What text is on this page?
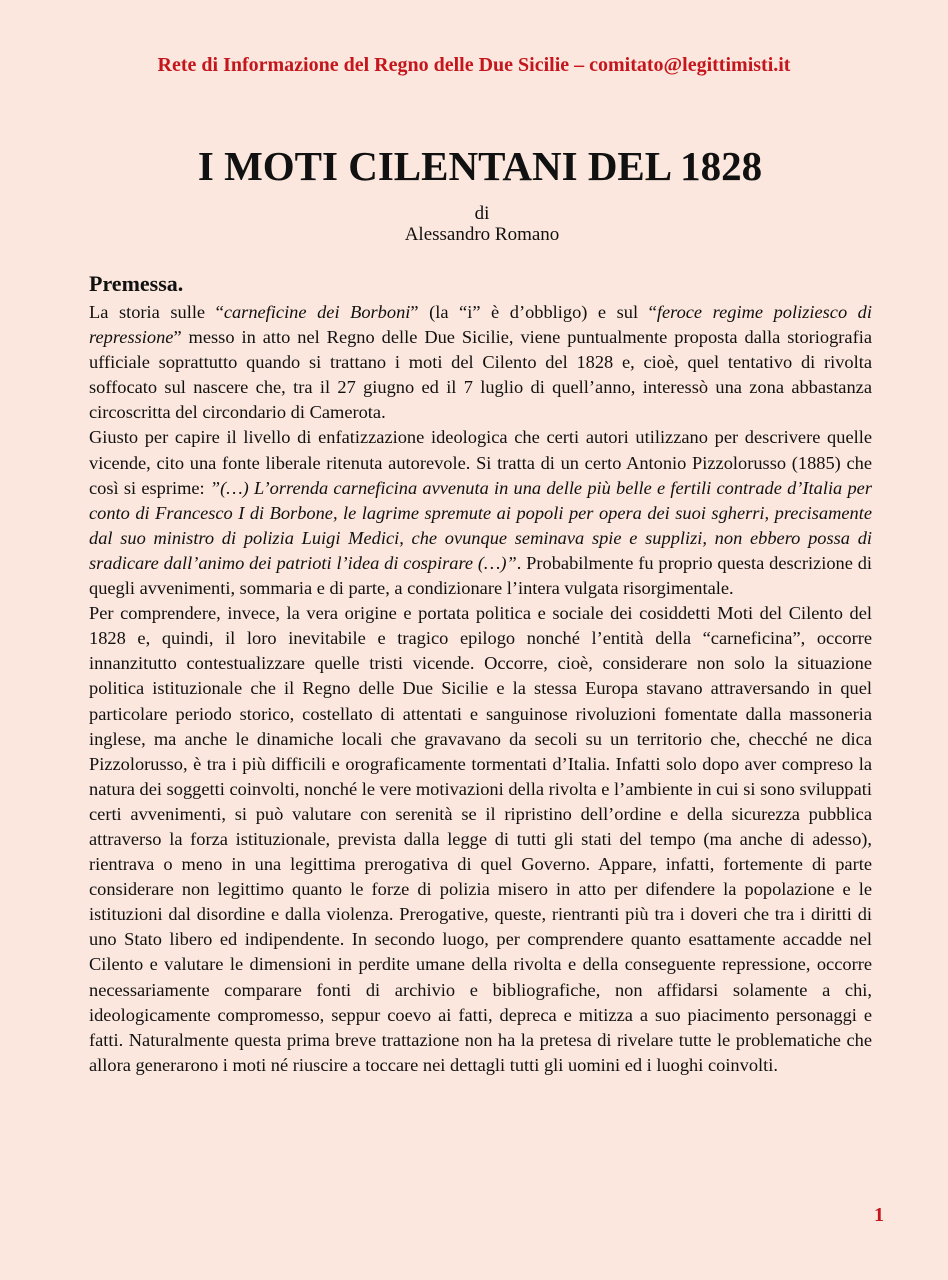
Rete di Informazione del Regno delle Due Sicilie – comitato@legittimisti.it
I MOTI CILENTANI DEL 1828
di
Alessandro Romano
Premessa.

La storia sulle “carneficine dei Borboni” (la “i” è d’obbligo) e sul “feroce regime poliziesco di repressione” messo in atto nel Regno delle Due Sicilie, viene puntualmente proposta dalla storiografia ufficiale soprattutto quando si trattano i moti del Cilento del 1828 e, cioè, quel tentativo di rivolta soffocato sul nascere che, tra il 27 giugno ed il 7 luglio di quell’anno, interessò una zona abbastanza circoscritta del circondario di Camerota.

Giusto per capire il livello di enfatizzazione ideologica che certi autori utilizzano per descrivere quelle vicende, cito una fonte liberale ritenuta autorevole. Si tratta di un certo Antonio Pizzolorusso (1885) che così si esprime: ”(…) L’orrenda carneficina avvenuta in una delle più belle e fertili contrade d’Italia per conto di Francesco I di Borbone, le lagrime spremute ai popoli per opera dei suoi sgherri, precisamente dal suo ministro di polizia Luigi Medici, che ovunque seminava spie e supplizi, non ebbero possa di sradicare dall’animo dei patrioti l’idea di cospirare (…)”. Probabilmente fu proprio questa descrizione di quegli avvenimenti, sommaria e di parte, a condizionare l’intera vulgata risorgimentale.

Per comprendere, invece, la vera origine e portata politica e sociale dei cosiddetti Moti del Cilento del 1828 e, quindi, il loro inevitabile e tragico epilogo nonché l’entità della “carneficina”, occorre innanzitutto contestualizzare quelle tristi vicende. Occorre, cioè, considerare non solo la situazione politica istituzionale che il Regno delle Due Sicilie e la stessa Europa stavano attraversando in quel particolare periodo storico, costellato di attentati e sanguinose rivoluzioni fomentate dalla massoneria inglese, ma anche le dinamiche locali che gravavano da secoli su un territorio che, checché ne dica Pizzolorusso, è tra i più difficili e orograficamente tormentati d’Italia. Infatti solo dopo aver compreso la natura dei soggetti coinvolti, nonché le vere motivazioni della rivolta e l’ambiente in cui si sono sviluppati certi avvenimenti, si può valutare con serenità se il ripristino dell’ordine e della sicurezza pubblica attraverso la forza istituzionale, prevista dalla legge di tutti gli stati del tempo (ma anche di adesso), rientrava o meno in una legittima prerogativa di quel Governo. Appare, infatti, fortemente di parte considerare non legittimo quanto le forze di polizia misero in atto per difendere la popolazione e le istituzioni dal disordine e dalla violenza. Prerogative, queste, rientranti più tra i doveri che tra i diritti di uno Stato libero ed indipendente. In secondo luogo, per comprendere quanto esattamente accadde nel Cilento e valutare le dimensioni in perdite umane della rivolta e della conseguente repressione, occorre necessariamente comparare fonti di archivio e bibliografiche, non affidarsi solamente a chi, ideologicamente compromesso, seppur coevo ai fatti, depreca e mitizza a suo piacimento personaggi e fatti. Naturalmente questa prima breve trattazione non ha la pretesa di rivelare tutte le problematiche che allora generarono i moti né riuscire a toccare nei dettagli tutti gli uomini ed i luoghi coinvolti.

1
